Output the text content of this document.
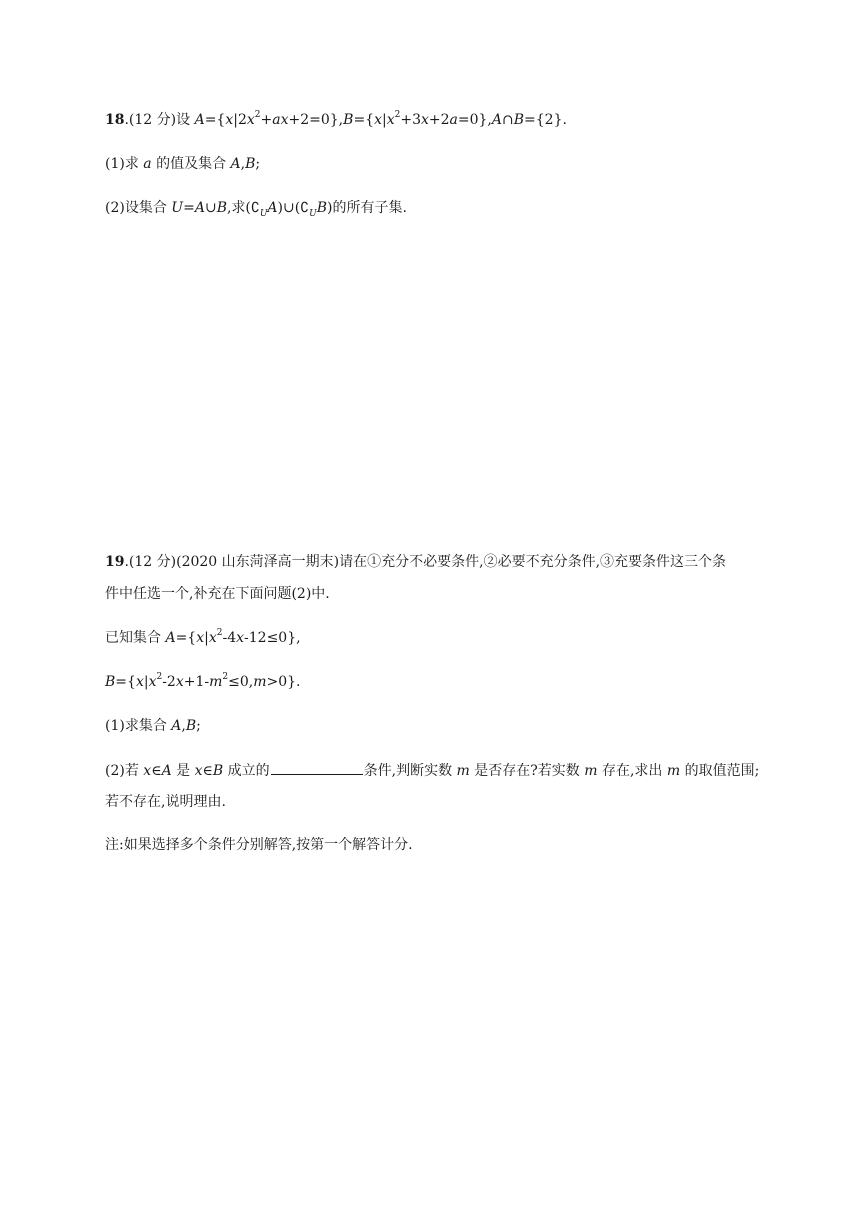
18.(12 分)设 $A=\{x|2x^2+ax+2=0\},B=\{x|x^2+3x+2a=0\},A\cap B=\{2\}$.
(1)求 a 的值及集合 A,B;
(2)设集合 U=A∪B,求$(∁_UA)\cup(∁_UB)$的所有子集.
19.(12 分)(2020 山东菏泽高一期末)请在①充分不必要条件,②必要不充分条件,③充要条件这三个条
件中任选一个,补充在下面问题(2)中.
已知集合 $A=\{x|x^2-4x-12\le 0\}$,
$B=\{x|x^2-2x+1-m^2\le 0,m>0\}$.
(1)求集合 A,B;
(2)若 x∈A 是 x∈B 成立的	条件,判断实数 m 是否存在?若实数 m 存在,求出 m 的取值范围;
若不存在,说明理由.
注:如果选择多个条件分别解答,按第一个解答计分.
